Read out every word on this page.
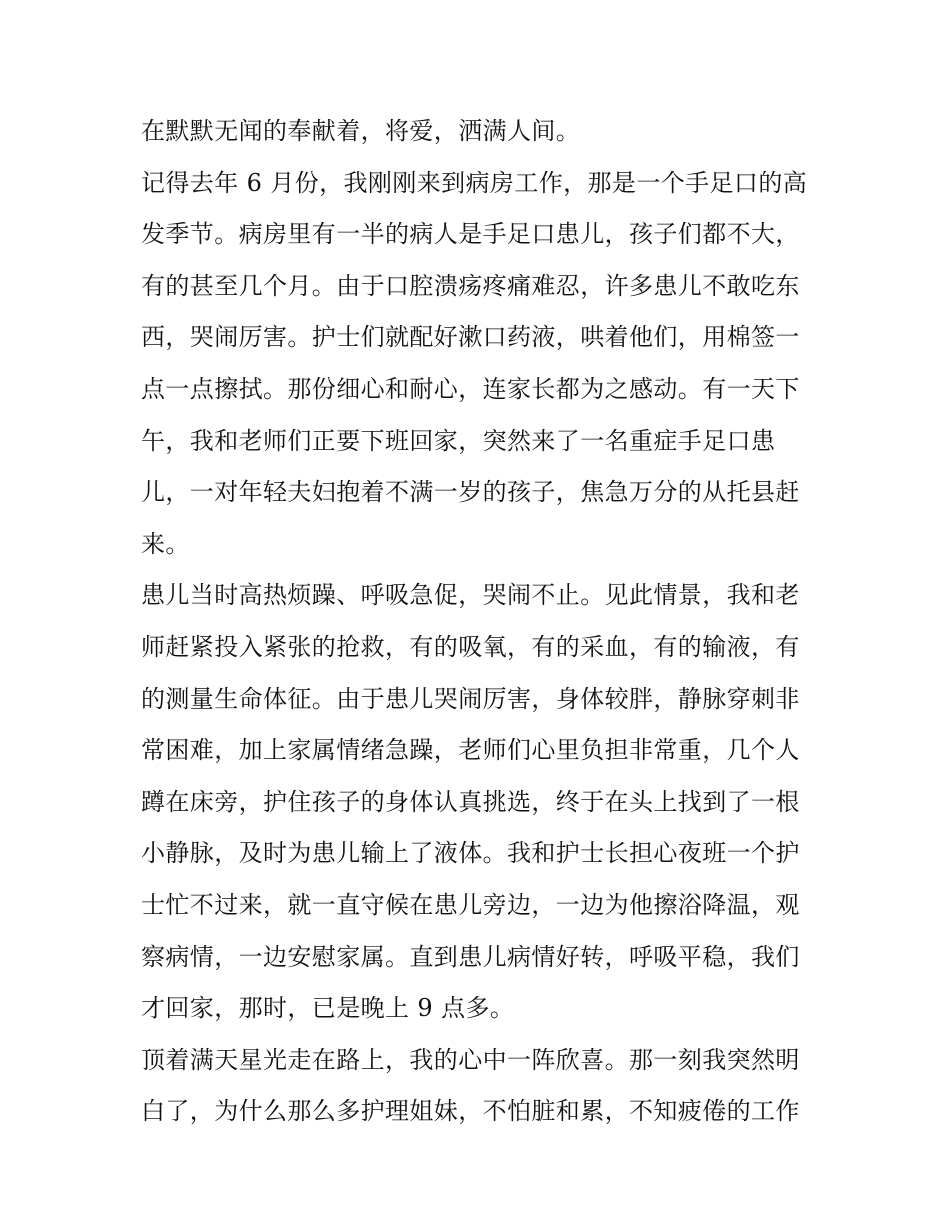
在默默无闻的奉献着，将爱，洒满人间。
记得去年 6 月份，我刚刚来到病房工作，那是一个手足口的高
发季节。病房里有一半的病人是手足口患儿，孩子们都不大，
有的甚至几个月。由于口腔溃疡疼痛难忍，许多患儿不敢吃东
西，哭闹厉害。护士们就配好漱口药液，哄着他们，用棉签一
点一点擦拭。那份细心和耐心，连家长都为之感动。有一天下
午，我和老师们正要下班回家，突然来了一名重症手足口患
儿，一对年轻夫妇抱着不满一岁的孩子，焦急万分的从托县赶
来。
患儿当时高热烦躁、呼吸急促，哭闹不止。见此情景，我和老
师赶紧投入紧张的抢救，有的吸氧，有的采血，有的输液，有
的测量生命体征。由于患儿哭闹厉害，身体较胖，静脉穿刺非
常困难，加上家属情绪急躁，老师们心里负担非常重，几个人
蹲在床旁，护住孩子的身体认真挑选，终于在头上找到了一根
小静脉，及时为患儿输上了液体。我和护士长担心夜班一个护
士忙不过来，就一直守候在患儿旁边，一边为他擦浴降温，观
察病情，一边安慰家属。直到患儿病情好转，呼吸平稳，我们
才回家，那时，已是晚上 9 点多。
顶着满天星光走在路上，我的心中一阵欣喜。那一刻我突然明
白了，为什么那么多护理姐妹，不怕脏和累，不知疲倦的工作
